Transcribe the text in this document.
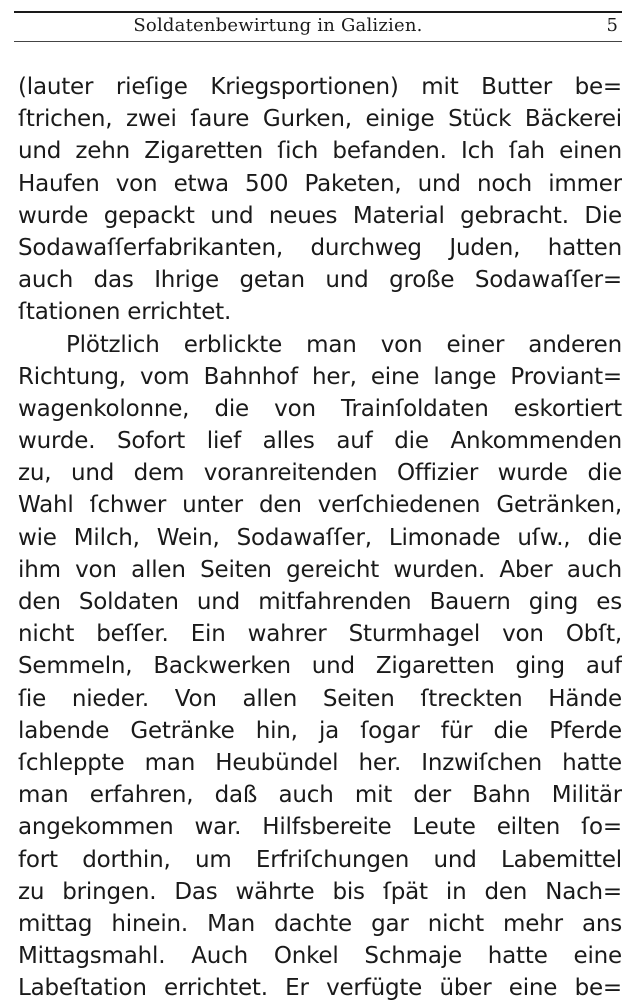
Soldatenbewirtung in Galizien.	5
(lauter rieſige Kriegsportionen) mit Butter be=
ſtrichen, zwei ſaure Gurken, einige Stück Bäckerei
und zehn Zigaretten ſich befanden. Ich ſah einen
Haufen von etwa 500 Paketen, und noch immer
wurde gepackt und neues Material gebracht. Die
Sodawaſſerfabrikanten, durchweg Juden, hatten
auch das Ihrige getan und große Sodawaſſer=
ſtationen errichtet.
Plötzlich erblickte man von einer anderen
Richtung, vom Bahnhof her, eine lange Proviant=
wagenkolonne, die von Trainſoldaten eskortiert
wurde. Sofort lief alles auf die Ankommenden
zu, und dem voranreitenden Offizier wurde die
Wahl ſchwer unter den verſchiedenen Getränken,
wie Milch, Wein, Sodawaſſer, Limonade uſw., die
ihm von allen Seiten gereicht wurden. Aber auch
den Soldaten und mitfahrenden Bauern ging es
nicht beſſer. Ein wahrer Sturmhagel von Obſt,
Semmeln, Backwerken und Zigaretten ging auf
ſie nieder. Von allen Seiten ſtreckten Hände
labende Getränke hin, ja ſogar für die Pferde
ſchleppte man Heubündel her. Inzwiſchen hatte
man erfahren, daß auch mit der Bahn Militär
angekommen war. Hilfsbereite Leute eilten ſo=
fort dorthin, um Erfriſchungen und Labemittel
zu bringen. Das währte bis ſpät in den Nach=
mittag hinein. Man dachte gar nicht mehr ans
Mittagsmahl. Auch Onkel Schmaje hatte eine
Labeſtation errichtet. Er verfügte über eine be=
